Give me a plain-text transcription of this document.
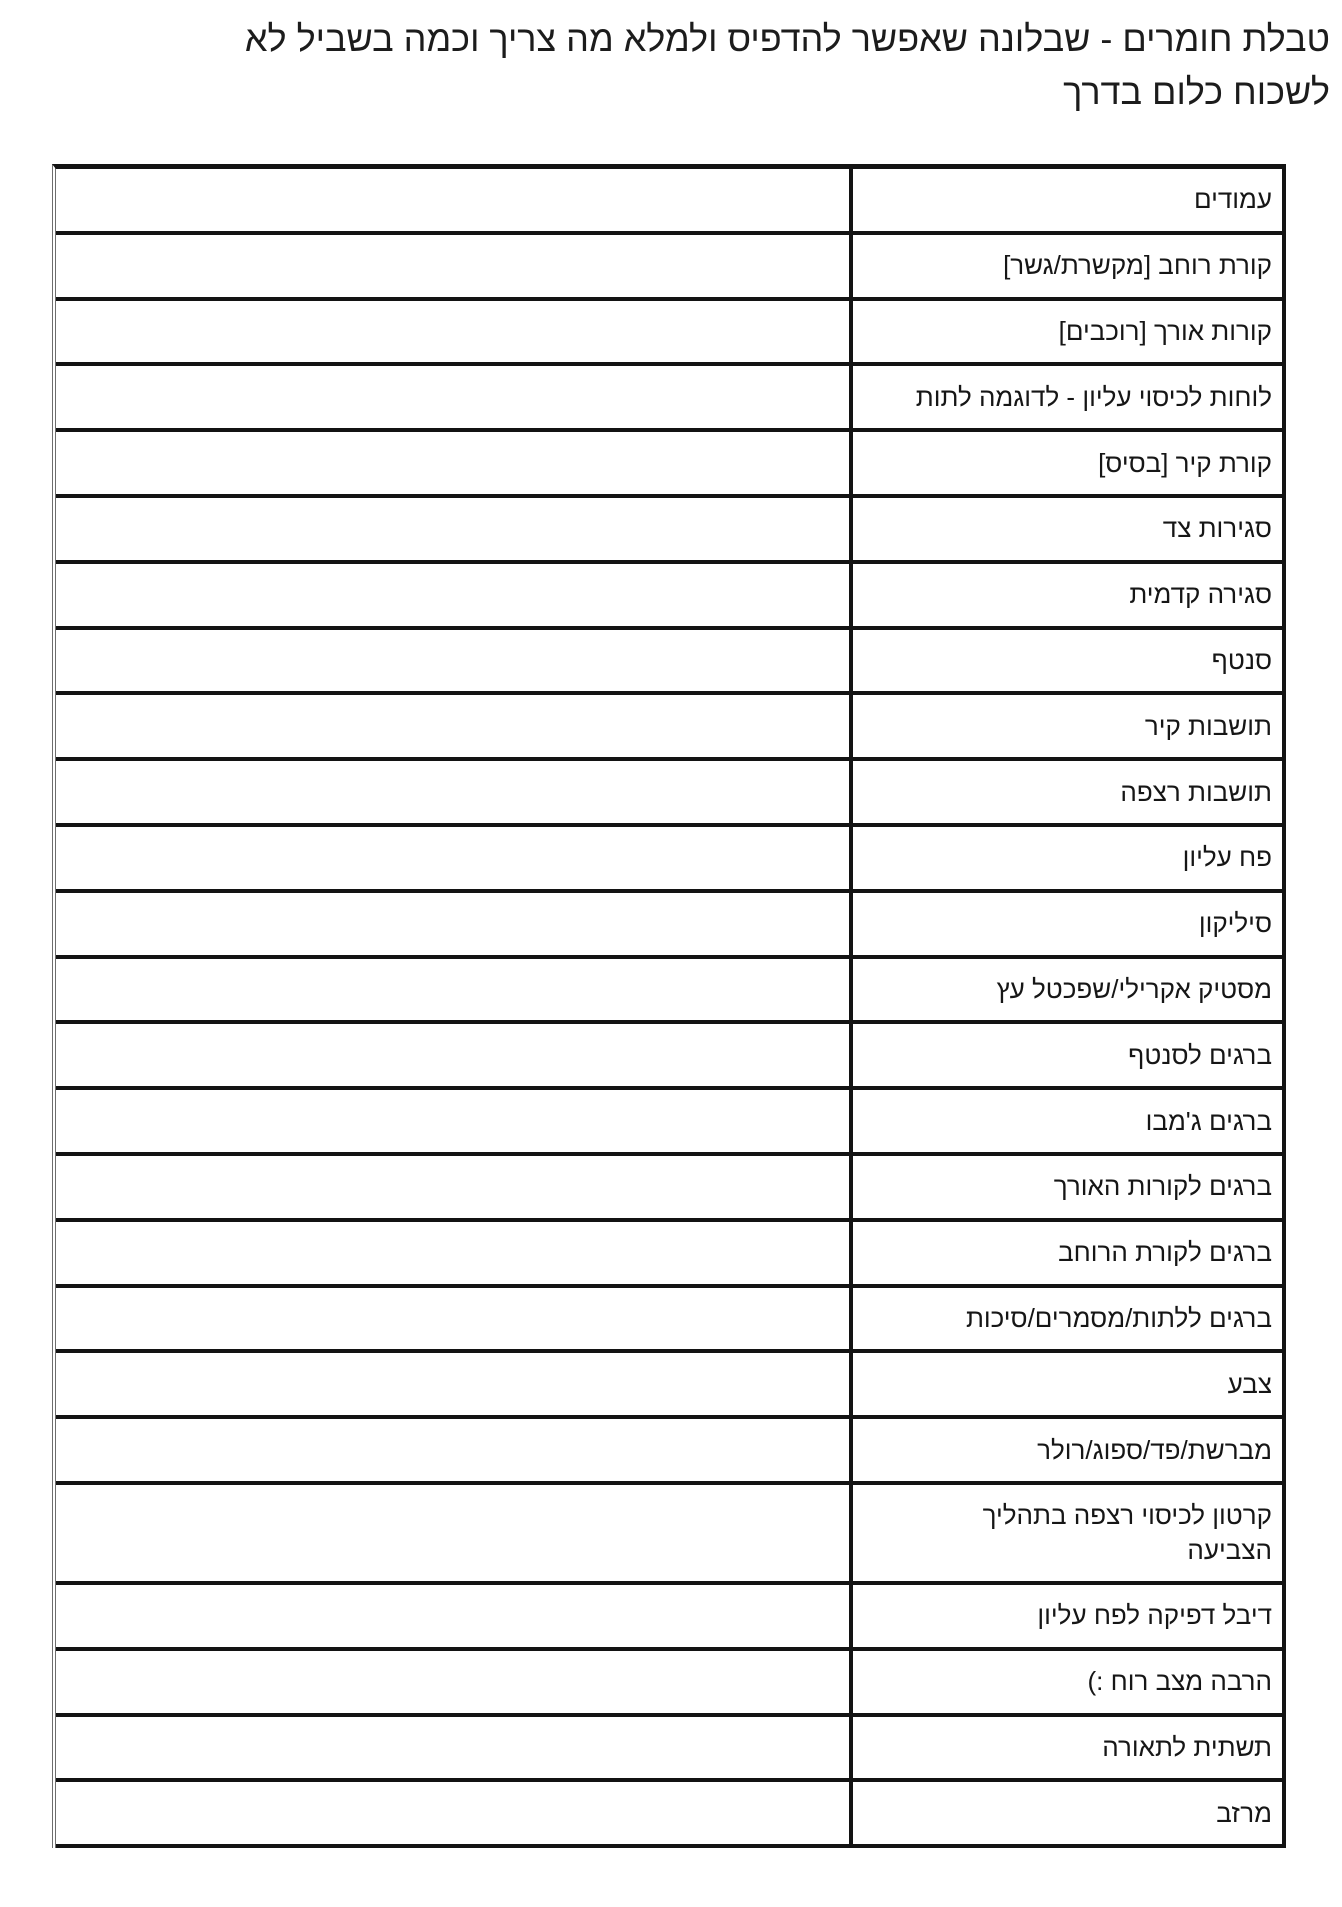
טבלת חומרים - שבלונה שאפשר להדפיס ולמלא מה צריך וכמה בשביל לא
לשכוח כלום בדרך
עמודים
קורת רוחב [מקשרת/גשר]
קורות אורך [רוכבים]
לוחות לכיסוי עליון - לדוגמה לתות
קורת קיר [בסיס]
סגירות צד
סגירה קדמית
סנטף
תושבות קיר
תושבות רצפה
פח עליון
סיליקון
מסטיק אקרילי/שפכטל עץ
ברגים לסנטף
ברגים ג'מבו
ברגים לקורות האורך
ברגים לקורת הרוחב
ברגים ללתות/מסמרים/סיכות
צבע
מברשת/פד/ספוג/רולר
קרטון לכיסוי רצפה בתהליך
הצביעה
דיבל דפיקה לפח עליון
הרבה מצב רוח :)
תשתית לתאורה
מרזב
